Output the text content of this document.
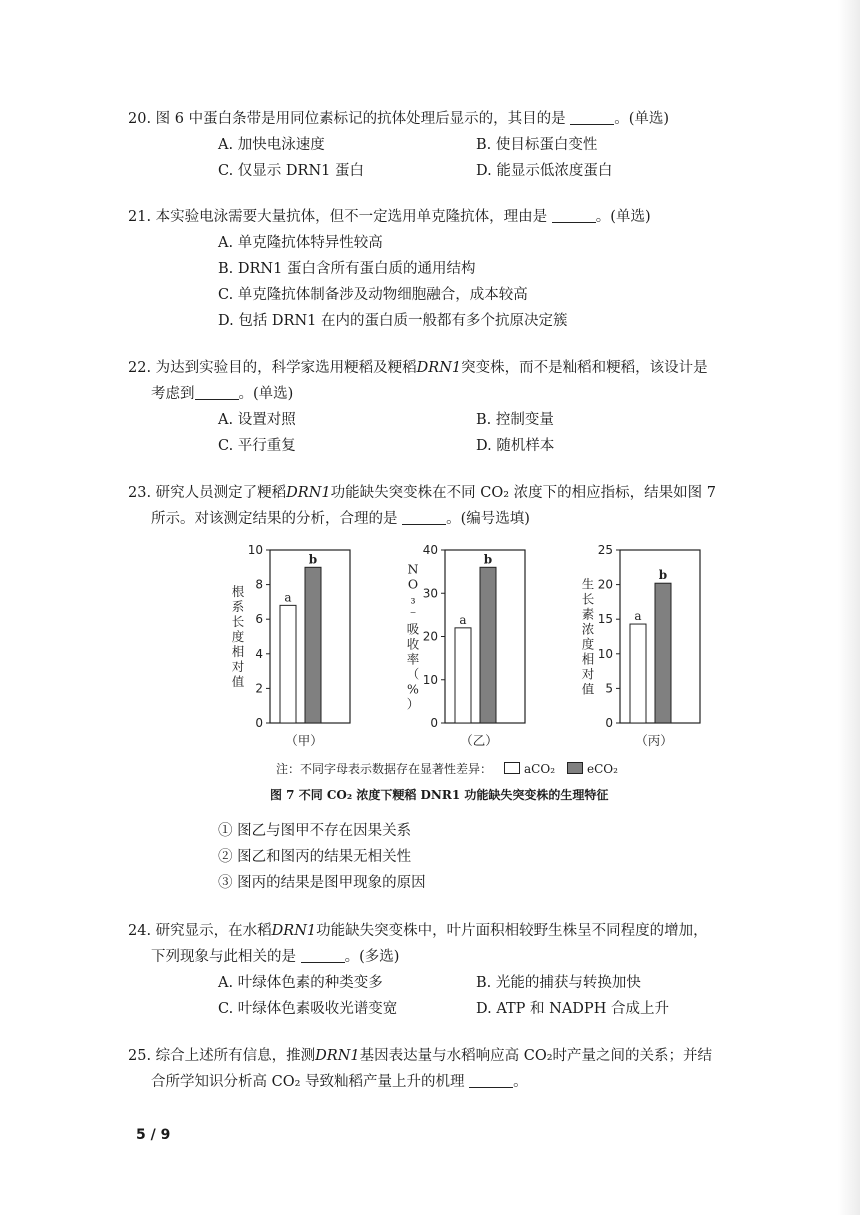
20. 图 6 中蛋白条带是用同位素标记的抗体处理后显示的，其目的是	。(单选)

A. 加快电泳速度	B. 使目标蛋白变性
C. 仅显示 DRN1 蛋白	D. 能显示低浓度蛋白

21. 本实验电泳需要大量抗体，但不一定选用单克隆抗体，理由是	。(单选)

A. 单克隆抗体特异性较高
B. DRN1 蛋白含所有蛋白质的通用结构
C. 单克隆抗体制备涉及动物细胞融合，成本较高
D. 包括 DRN1 在内的蛋白质一般都有多个抗原决定簇

22. 为达到实验目的，科学家选用粳稻及粳稻DRN1突变株，而不是籼稻和粳稻，该设计是

考虑到	。(单选)

A. 设置对照	B. 控制变量
C. 平行重复	D. 随机样本

23. 研究人员测定了粳稻DRN1功能缺失突变株在不同 CO₂ 浓度下的相应指标，结果如图 7

所示。对该测定结果的分析，合理的是	。(编号选填)

0
2
4
6
8
10
根
系
长
度
相
对
值
a
b
（甲）
0
10
20
30
40
N
O
₃
⁻
吸
收
率
（
%
）
a
b
（乙）
0
5
10
15
20
25
生
长
素
浓
度
相
对
值
a
b
（丙）
注：不同字母表示数据存在显著性差异：	aCO₂	eCO₂
图 7 不同 CO₂ 浓度下粳稻 DNR1 功能缺失突变株的生理特征
① 图乙与图甲不存在因果关系
② 图乙和图丙的结果无相关性
③ 图丙的结果是图甲现象的原因

24. 研究显示，在水稻DRN1功能缺失突变株中，叶片面积相较野生株呈不同程度的增加，

下列现象与此相关的是	。(多选)

A. 叶绿体色素的种类变多	B. 光能的捕获与转换加快
C. 叶绿体色素吸收光谱变宽	D. ATP 和 NADPH 合成上升

25. 综合上述所有信息，推测DRN1基因表达量与水稻响应高 CO₂时产量之间的关系；并结

合所学知识分析高 CO₂ 导致籼稻产量上升的机理	。

5 / 9
